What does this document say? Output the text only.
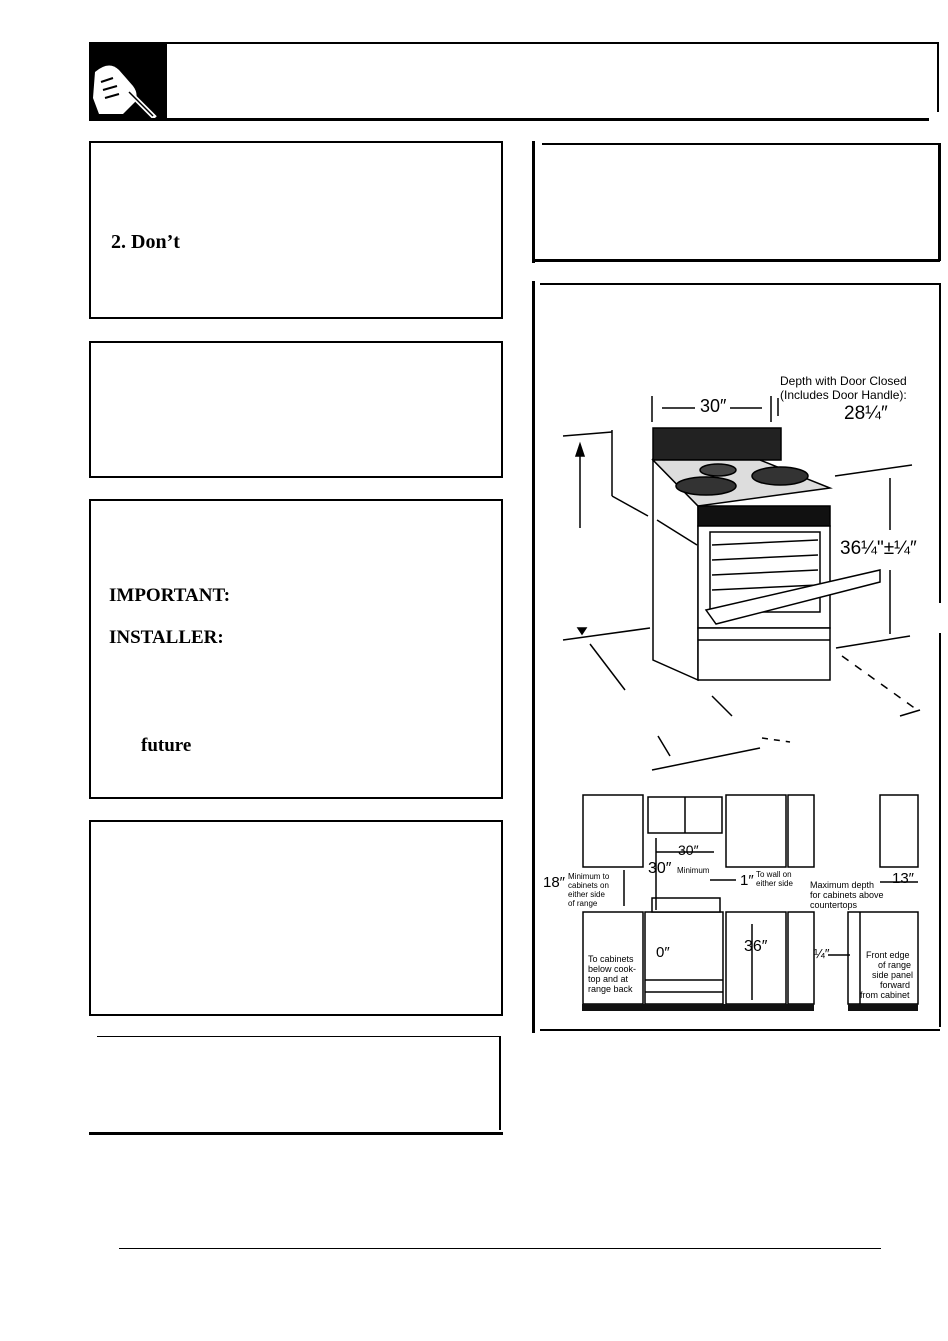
2. Don’t
IMPORTANT:
INSTALLER:
future
30″
Depth with Door Closed
(Includes Door Handle):
28¼″
36¼"±¼″
30″
30″ Minimum
1″ To wall on
either side
18″ Minimum to
cabinets on
either side
of range
0″
To cabinets
below cook-
top and at
range back
36″
Maximum depth
for cabinets above
countertops
13″
¼″	Front edge
of range
side panel
forward
from cabinet
